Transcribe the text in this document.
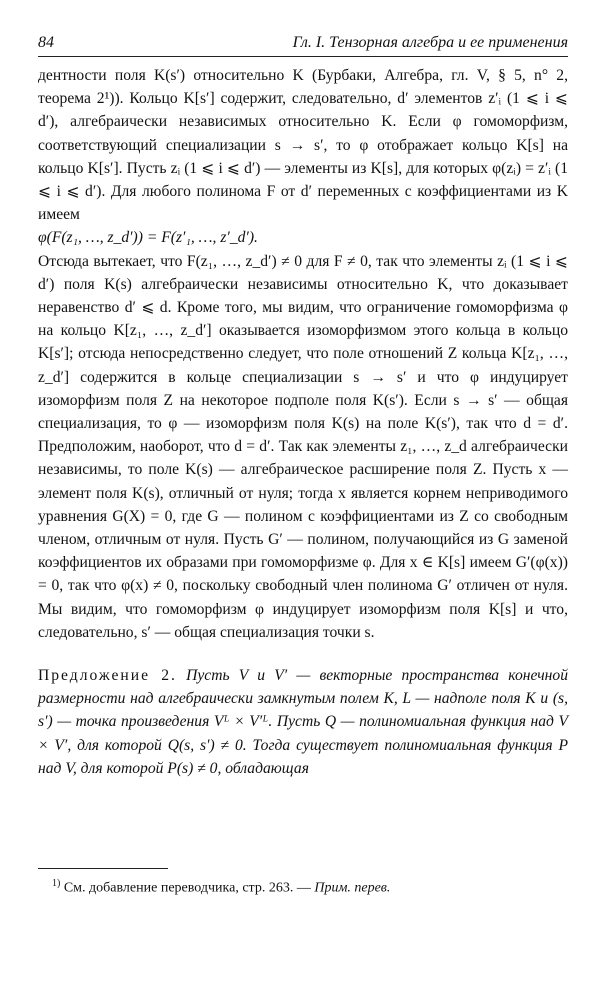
84	Гл. I. Тензорная алгебра и ее применения

дентности поля K(s′) относительно K (Бурбаки, Алгебра, гл. V, § 5, n° 2, теорема 2¹)). Кольцо K[s′] содержит, следовательно, d′ элементов z′ᵢ (1 ⩽ i ⩽ d′), алгебраически независимых относительно K. Если φ гомоморфизм, соответствующий специализации s → s′, то φ отображает кольцо K[s] на кольцо K[s′]. Пусть zᵢ (1 ⩽ i ⩽ d′) — элементы из K[s], для которых φ(zᵢ) = z′ᵢ (1 ⩽ i ⩽ d′). Для любого полинома F от d′ переменных с коэффициентами из K имеем

φ(F(z₁, …, z_d′)) = F(z′₁, …, z′_d′).

Отсюда вытекает, что F(z₁, …, z_d′) ≠ 0 для F ≠ 0, так что элементы zᵢ (1 ⩽ i ⩽ d′) поля K(s) алгебраически независимы относительно K, что доказывает неравенство d′ ⩽ d. Кроме того, мы видим, что ограничение гомоморфизма φ на кольцо K[z₁, …, z_d′] оказывается изоморфизмом этого кольца в кольцо K[s′]; отсюда непосредственно следует, что поле отношений Z кольца K[z₁, …, z_d′] содержится в кольце специализации s → s′ и что φ индуцирует изоморфизм поля Z на некоторое подполе поля K(s′). Если s → s′ — общая специализация, то φ — изоморфизм поля K(s) на поле K(s′), так что d = d′. Предположим, наоборот, что d = d′. Так как элементы z₁, …, z_d алгебраически независимы, то поле K(s) — алгебраическое расширение поля Z. Пусть x — элемент поля K(s), отличный от нуля; тогда x является корнем неприводимого уравнения G(X) = 0, где G — полином с коэффициентами из Z со свободным членом, отличным от нуля. Пусть G′ — полином, получающийся из G заменой коэффициентов их образами при гомоморфизме φ. Для x ∈ K[s] имеем G′(φ(x)) = 0, так что φ(x) ≠ 0, поскольку свободный член полинома G′ отличен от нуля. Мы видим, что гомоморфизм φ индуцирует изоморфизм поля K[s] и что, следовательно, s′ — общая специализация точки s.

Предложение 2. Пусть V и V′ — векторные пространства конечной размерности над алгебраически замкнутым полем K, L — надполе поля K и (s, s′) — точка произведения Vᴸ × V′ᴸ. Пусть Q — полиномиальная функция над V × V′, для которой Q(s, s′) ≠ 0. Тогда существует полиномиальная функция P над V, для которой P(s) ≠ 0, обладающая

$^{1)}$ См. добавление переводчика, стр. 263. — Прим. перев.
